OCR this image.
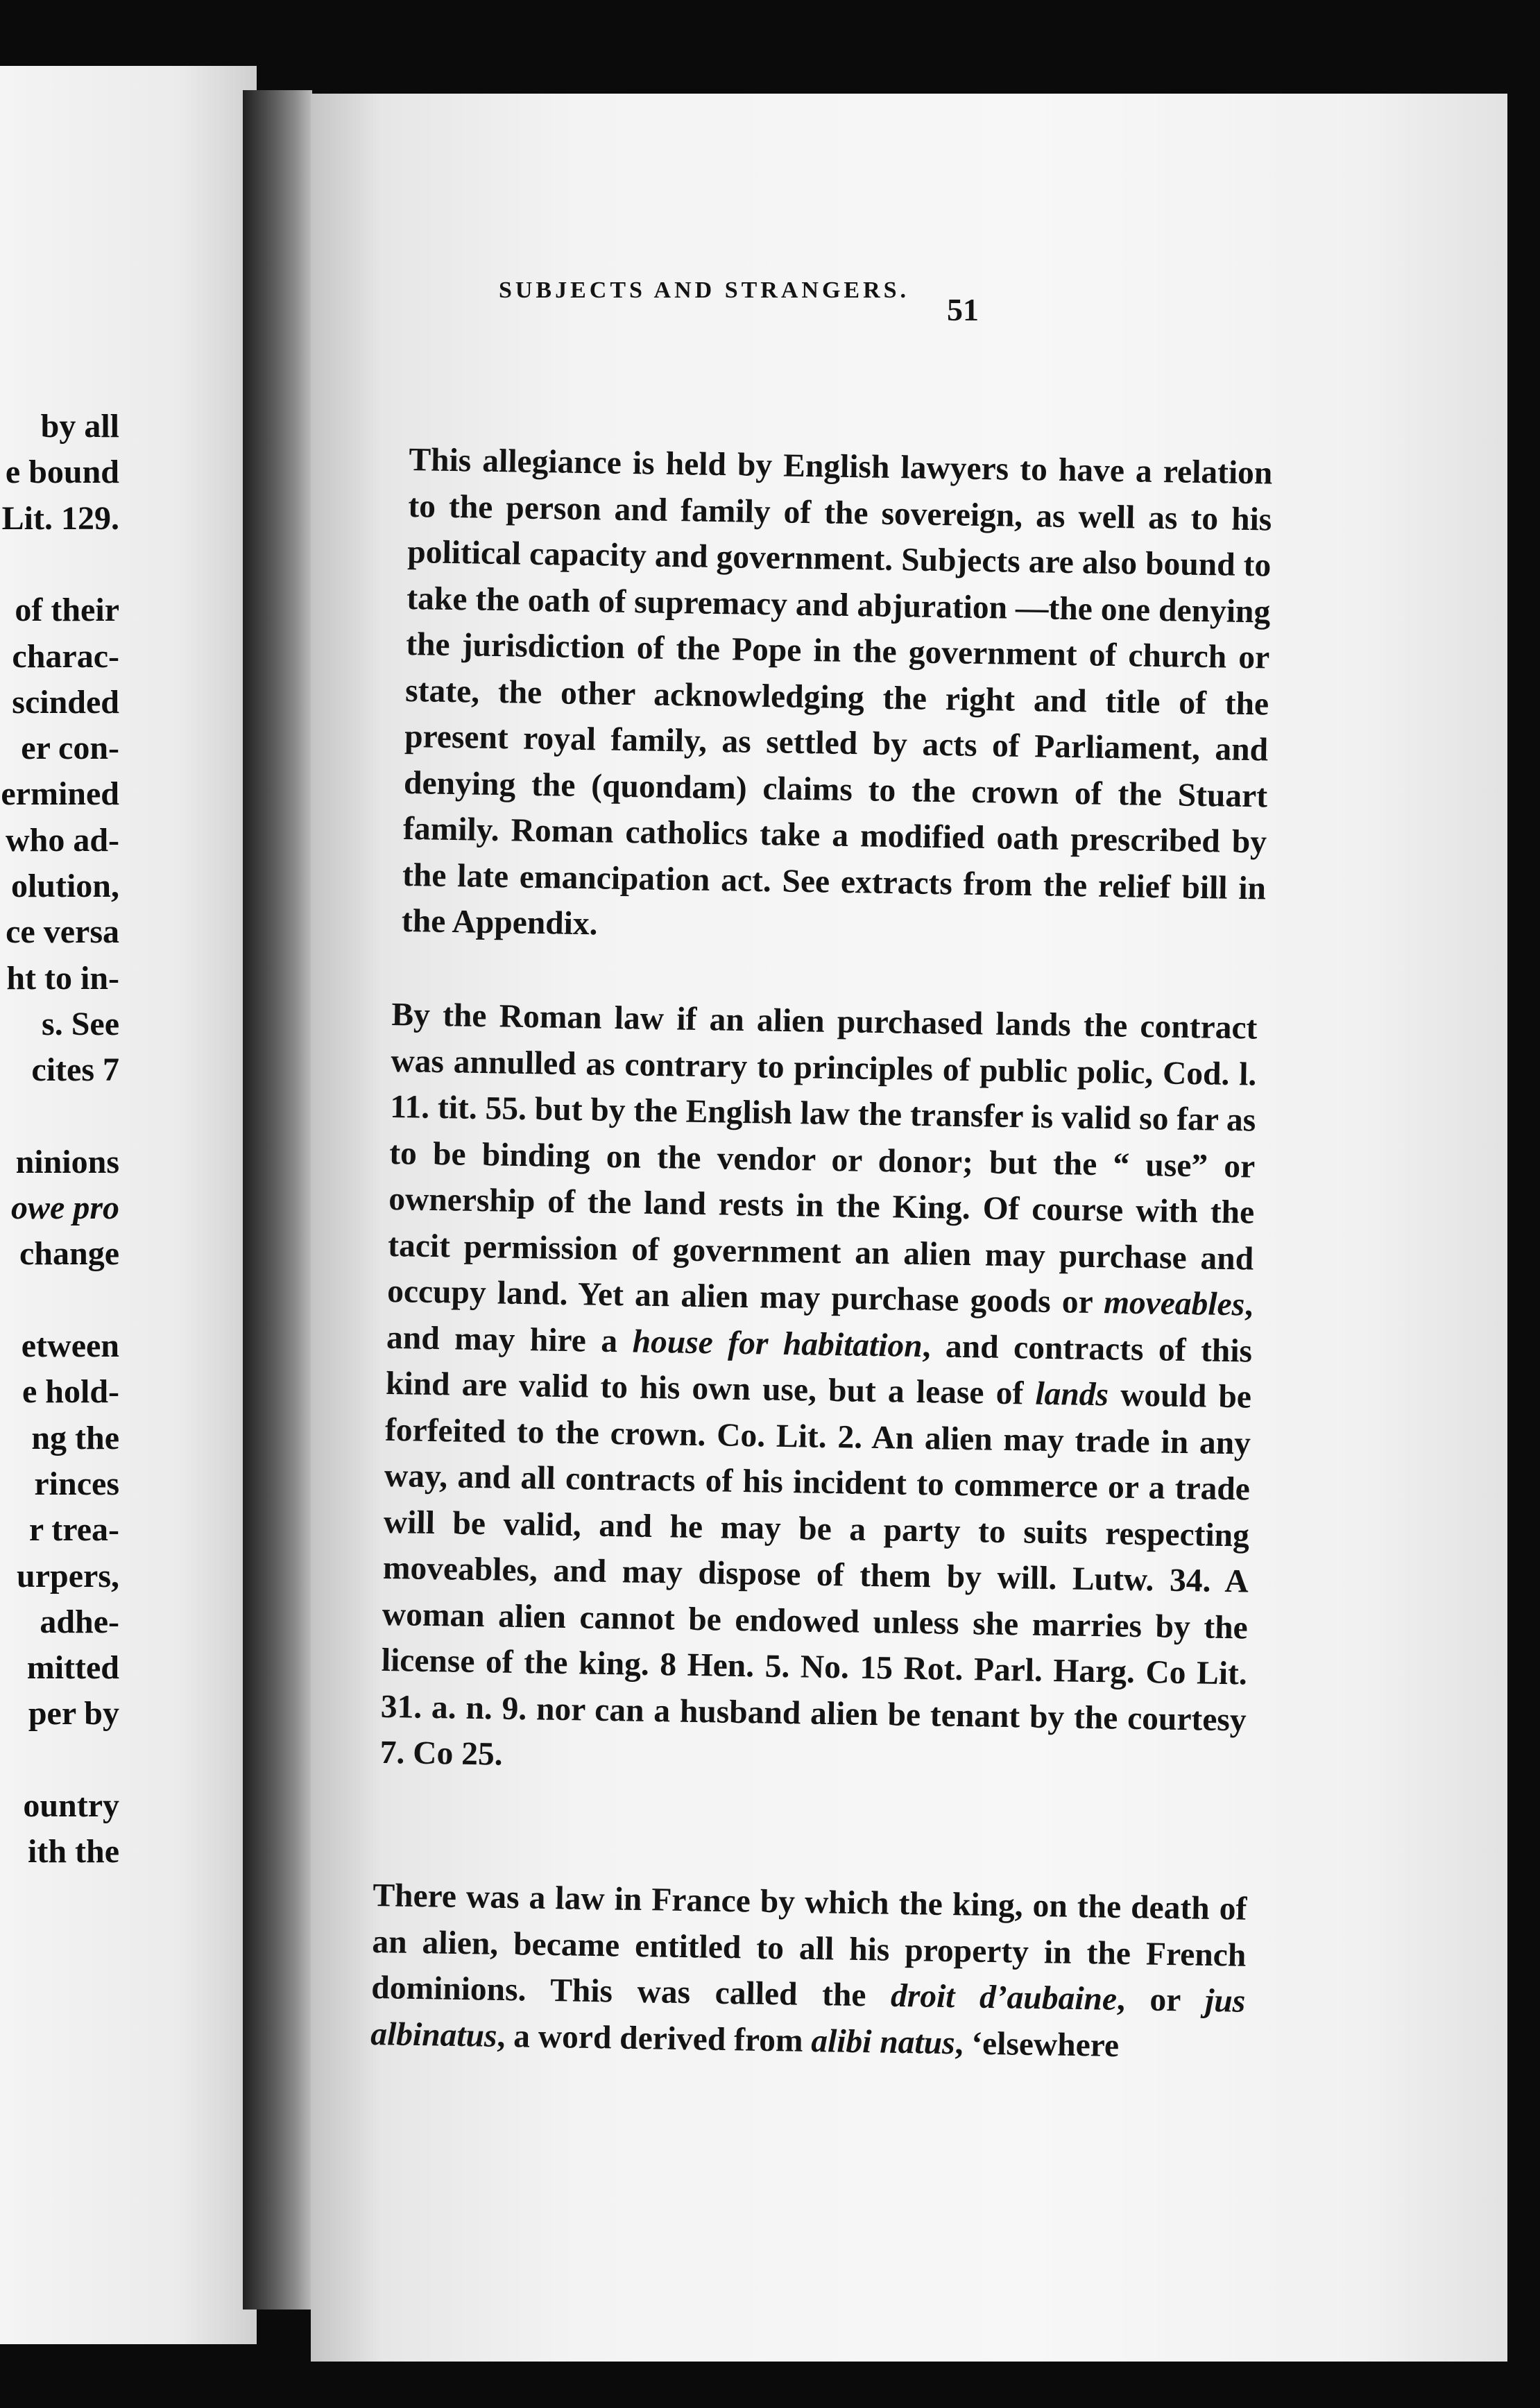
SUBJECTS AND STRANGERS.
51

This allegiance is held by English lawyers to have a relation to the person and family of the sovereign, as well as to his political capacity and government. Subjects are also bound to take the oath of supremacy and abjuration —the one denying the jurisdiction of the Pope in the government of church or state, the other acknowledging the right and title of the present royal family, as settled by acts of Parliament, and denying the (quondam) claims to the crown of the Stuart family. Roman catholics take a modified oath prescribed by the late emancipation act. See extracts from the relief bill in the Appendix.

By the Roman law if an alien purchased lands the contract was annulled as contrary to principles of public polic, Cod. l. 11. tit. 55. but by the English law the transfer is valid so far as to be binding on the vendor or donor; but the “ use” or ownership of the land rests in the King. Of course with the tacit permission of government an alien may purchase and occupy land. Yet an alien may purchase goods or moveables, and may hire a house for habitation, and contracts of this kind are valid to his own use, but a lease of lands would be forfeited to the crown. Co. Lit. 2. An alien may trade in any way, and all contracts of his incident to commerce or a trade will be valid, and he may be a party to suits respecting moveables, and may dispose of them by will. Lutw. 34. A woman alien cannot be endowed unless she marries by the license of the king. 8 Hen. 5. No. 15 Rot. Parl. Harg. Co Lit. 31. a. n. 9. nor can a husband alien be tenant by the courtesy 7. Co 25.

There was a law in France by which the king, on the death of an alien, became entitled to all his property in the French dominions. This was called the droit d’aubaine, or jus albinatus, a word derived from alibi natus, ‘elsewhere

by all

e bound

Lit. 129.

of their

charac-

scinded

er con-

ermined

who ad-

olution,

ce versa

ht to in-

s. See

cites 7

ninions

owe pro

change

etween

e hold-

ng the

rinces

r trea-

urpers,

adhe-

mitted

per by

ountry

ith the
